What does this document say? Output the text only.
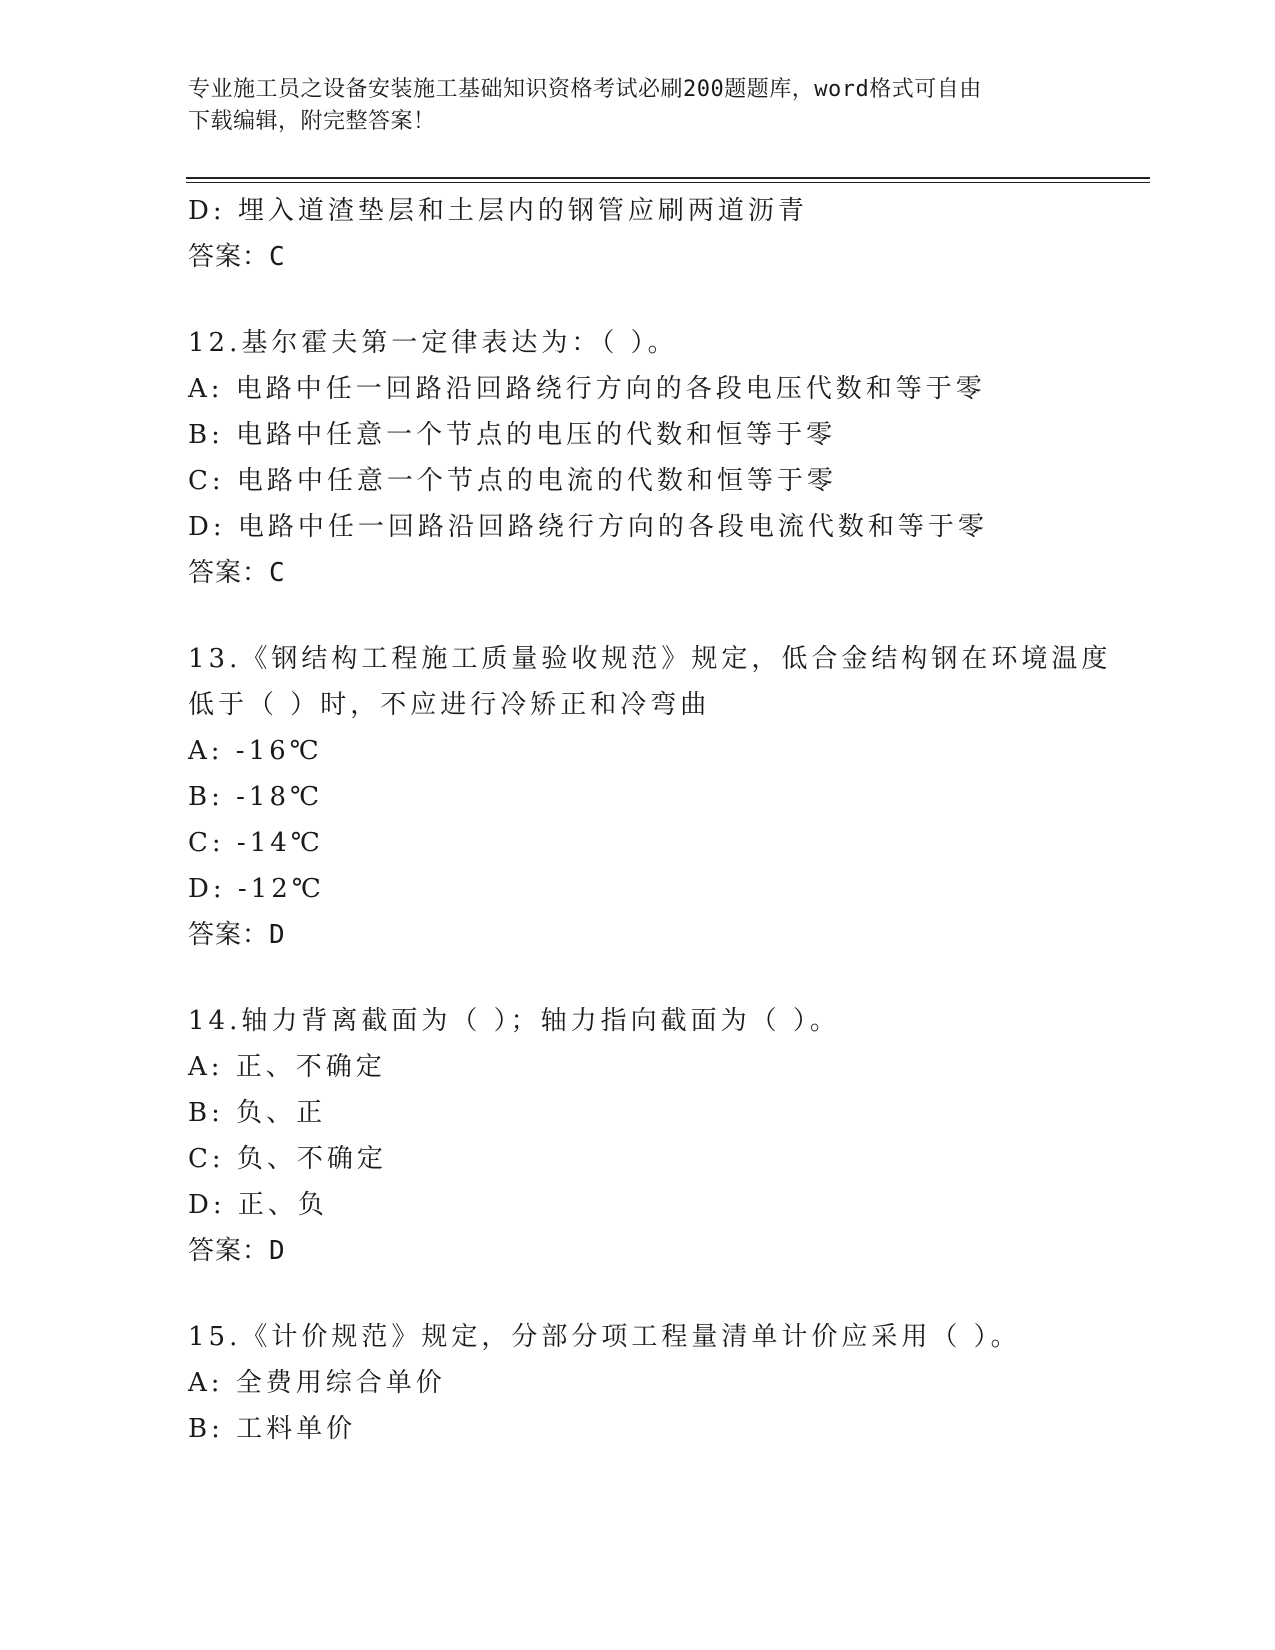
专业施工员之设备安装施工基础知识资格考试必刷200题题库，word格式可自由
下载编辑，附完整答案！
D: 埋入道渣垫层和土层内的钢管应刷两道沥青
答案：C
12.基尔霍夫第一定律表达为：（ ）。
A: 电路中任一回路沿回路绕行方向的各段电压代数和等于零
B: 电路中任意一个节点的电压的代数和恒等于零
C: 电路中任意一个节点的电流的代数和恒等于零
D: 电路中任一回路沿回路绕行方向的各段电流代数和等于零
答案：C
13.《钢结构工程施工质量验收规范》规定，低合金结构钢在环境温度
低于（ ）时，不应进行冷矫正和冷弯曲
A: -16℃
B: -18℃
C: -14℃
D: -12℃
答案：D
14.轴力背离截面为（ ）；轴力指向截面为（ ）。
A: 正、不确定
B: 负、正
C: 负、不确定
D: 正、负
答案：D
15.《计价规范》规定，分部分项工程量清单计价应采用（ ）。
A: 全费用综合单价
B: 工料单价
